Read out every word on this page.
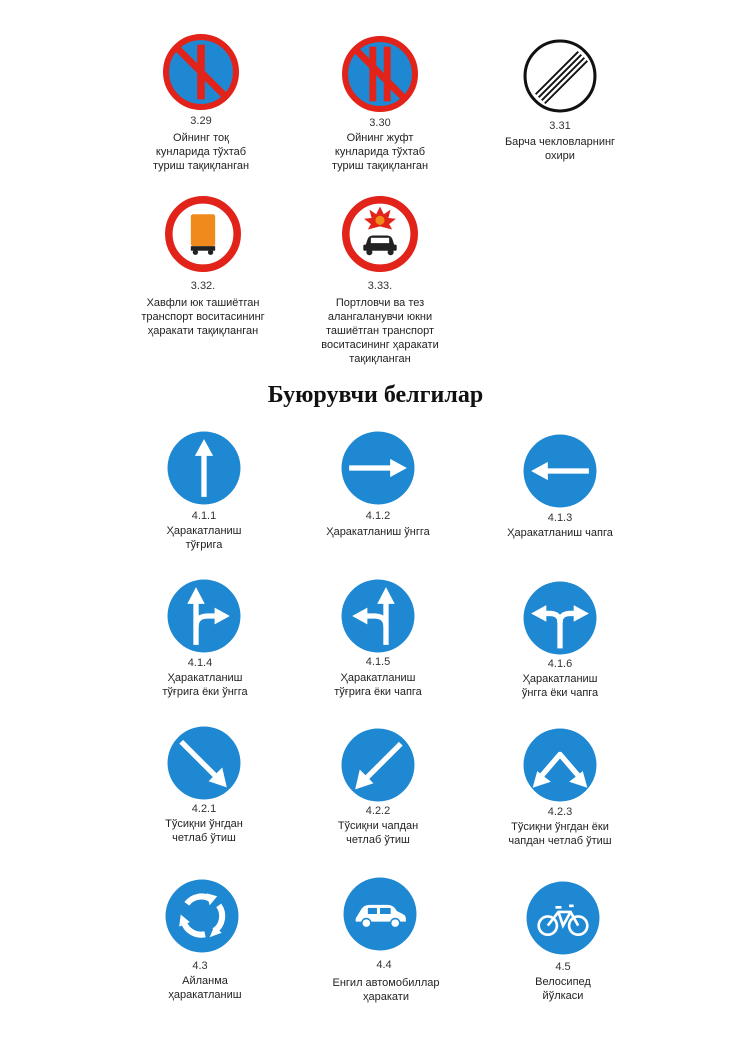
3.29
Ойнинг тоқ
кунларида тўхтаб
туриш тақиқланган
3.30
Ойнинг жуфт
кунларида тўхтаб
туриш тақиқланган
3.31
Барча чекловларнинг
охири
3.32.
Хавфли юк ташиётган
транспорт воситасининг
ҳаракати тақиқланган
3.33.
Портловчи ва тез
алангаланувчи юкни
ташиётган транспорт
воситасининг ҳаракати
тақиқланган
Буюрувчи белгилар
4.1.1
Ҳаракатланиш
тўғрига
4.1.2
Ҳаракатланиш ўнгга
4.1.3
Ҳаракатланиш чапга
4.1.4
Ҳаракатланиш
тўғрига ёки ўнгга
4.1.5
Ҳаракатланиш
тўғрига ёки чапга
4.1.6
Ҳаракатланиш
ўнгга ёки чапга
4.2.1
Тўсиқни ўнгдан
четлаб ўтиш
4.2.2
Тўсиқни чапдан
четлаб ўтиш
4.2.3
Тўсиқни ўнгдан ёки
чапдан четлаб ўтиш
4.3
Айланма
ҳаракатланиш
4.4
Енгил автомобиллар
ҳаракати
4.5
Велосипед
йўлкаси
